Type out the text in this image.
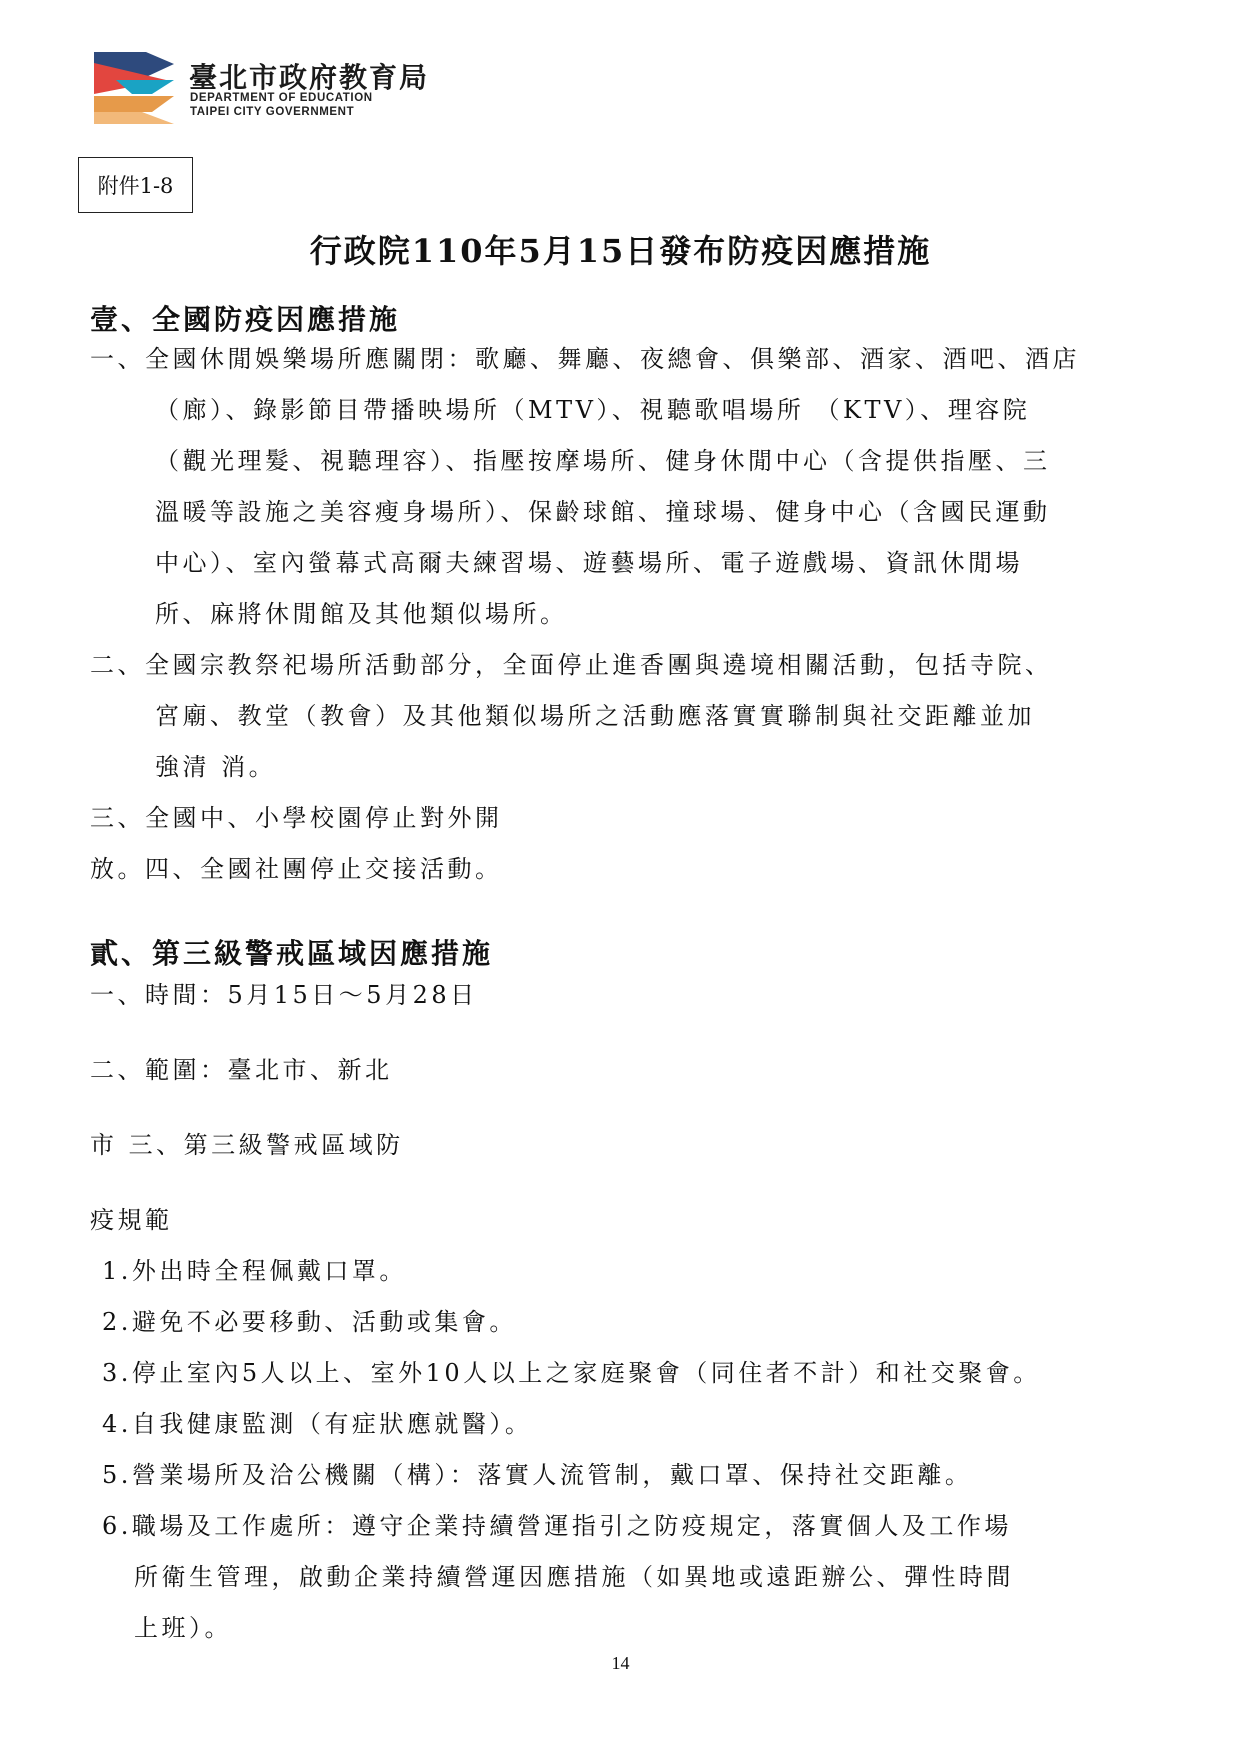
臺北市政府教育局
DEPARTMENT OF EDUCATION
TAIPEI CITY GOVERNMENT
附件1-8
行政院110年5月15日發布防疫因應措施
壹、全國防疫因應措施
一、全國休閒娛樂場所應關閉：歌廳、舞廳、夜總會、俱樂部、酒家、酒吧、酒店
（廊）、錄影節目帶播映場所（MTV）、視聽歌唱場所 （KTV）、理容院
（觀光理髮、視聽理容）、指壓按摩場所、健身休閒中心（含提供指壓、三
溫暖等設施之美容瘦身場所）、保齡球館、撞球場、健身中心（含國民運動
中心）、室內螢幕式高爾夫練習場、遊藝場所、電子遊戲場、資訊休閒場
所、麻將休閒館及其他類似場所。
二、全國宗教祭祀場所活動部分，全面停止進香團與遶境相關活動，包括寺院、
宮廟、教堂（教會）及其他類似場所之活動應落實實聯制與社交距離並加
強清 消。
三、全國中、小學校園停止對外開
放。四、全國社團停止交接活動。
貳、第三級警戒區域因應措施
一、時間：5月15日～5月28日
二、範圍：臺北市、新北
市 三、第三級警戒區域防
疫規範
1.外出時全程佩戴口罩。
2.避免不必要移動、活動或集會。
3.停止室內5人以上、室外10人以上之家庭聚會（同住者不計）和社交聚會。
4.自我健康監測（有症狀應就醫）。
5.營業場所及洽公機關（構）：落實人流管制，戴口罩、保持社交距離。
6.職場及工作處所：遵守企業持續營運指引之防疫規定，落實個人及工作場
所衛生管理，啟動企業持續營運因應措施（如異地或遠距辦公、彈性時間
上班）。
14
